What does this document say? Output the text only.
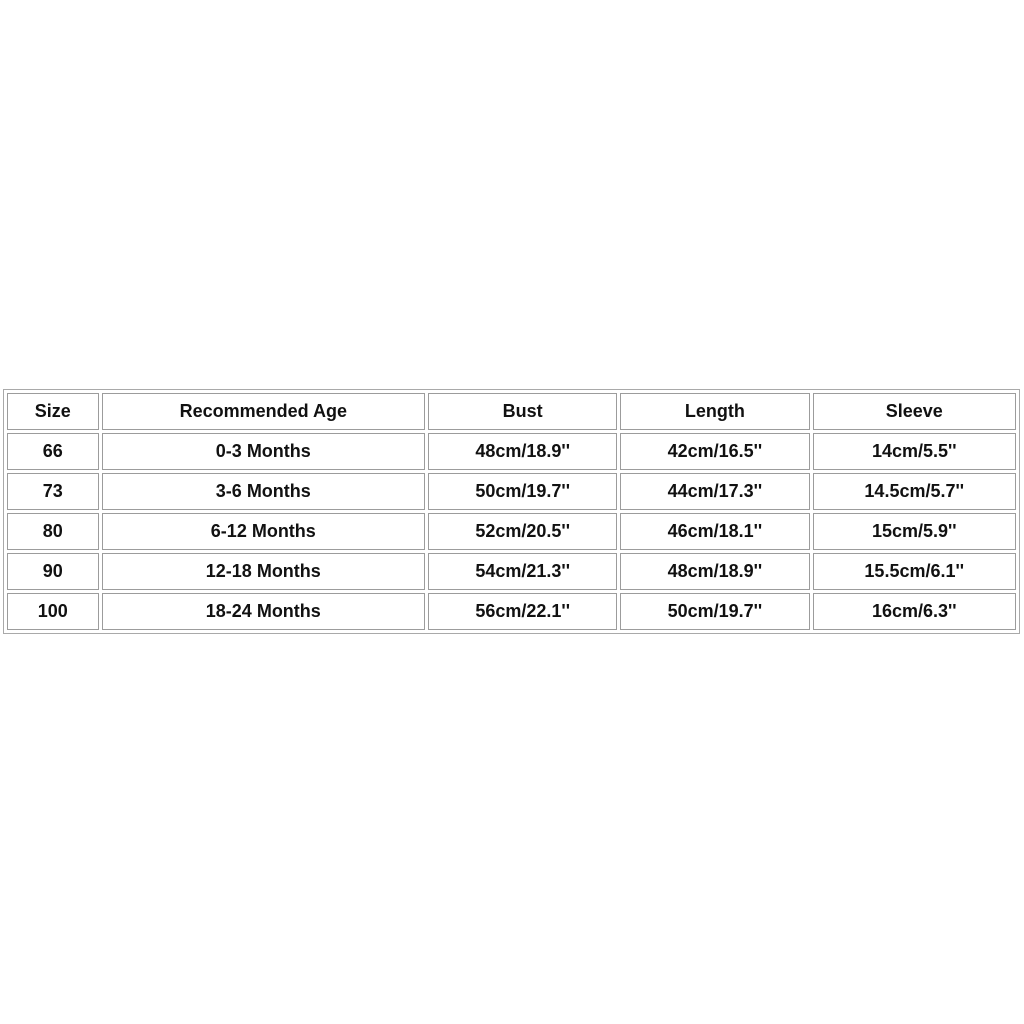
Size	Recommended Age	Bust	Length	Sleeve
66	0-3 Months	48cm/18.9''	42cm/16.5''	14cm/5.5''
73	3-6 Months	50cm/19.7''	44cm/17.3''	14.5cm/5.7''
80	6-12 Months	52cm/20.5''	46cm/18.1''	15cm/5.9''
90	12-18 Months	54cm/21.3''	48cm/18.9''	15.5cm/6.1''
100	18-24 Months	56cm/22.1''	50cm/19.7''	16cm/6.3''
